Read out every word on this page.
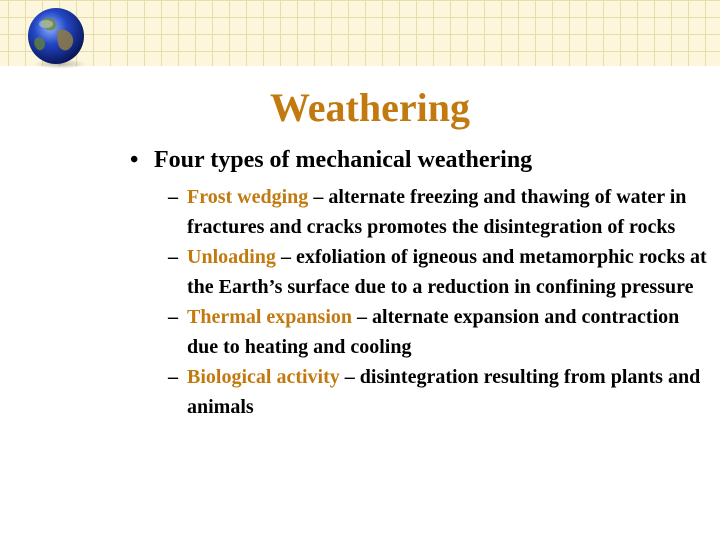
Weathering
• Four types of mechanical weathering
– Frost wedging – alternate freezing and thawing of water in fractures and cracks promotes the disintegration of rocks
– Unloading – exfoliation of igneous and metamorphic rocks at the Earth’s surface due to a reduction in confining pressure
– Thermal expansion – alternate expansion and contraction due to heating and cooling
– Biological activity – disintegration resulting from plants and animals
